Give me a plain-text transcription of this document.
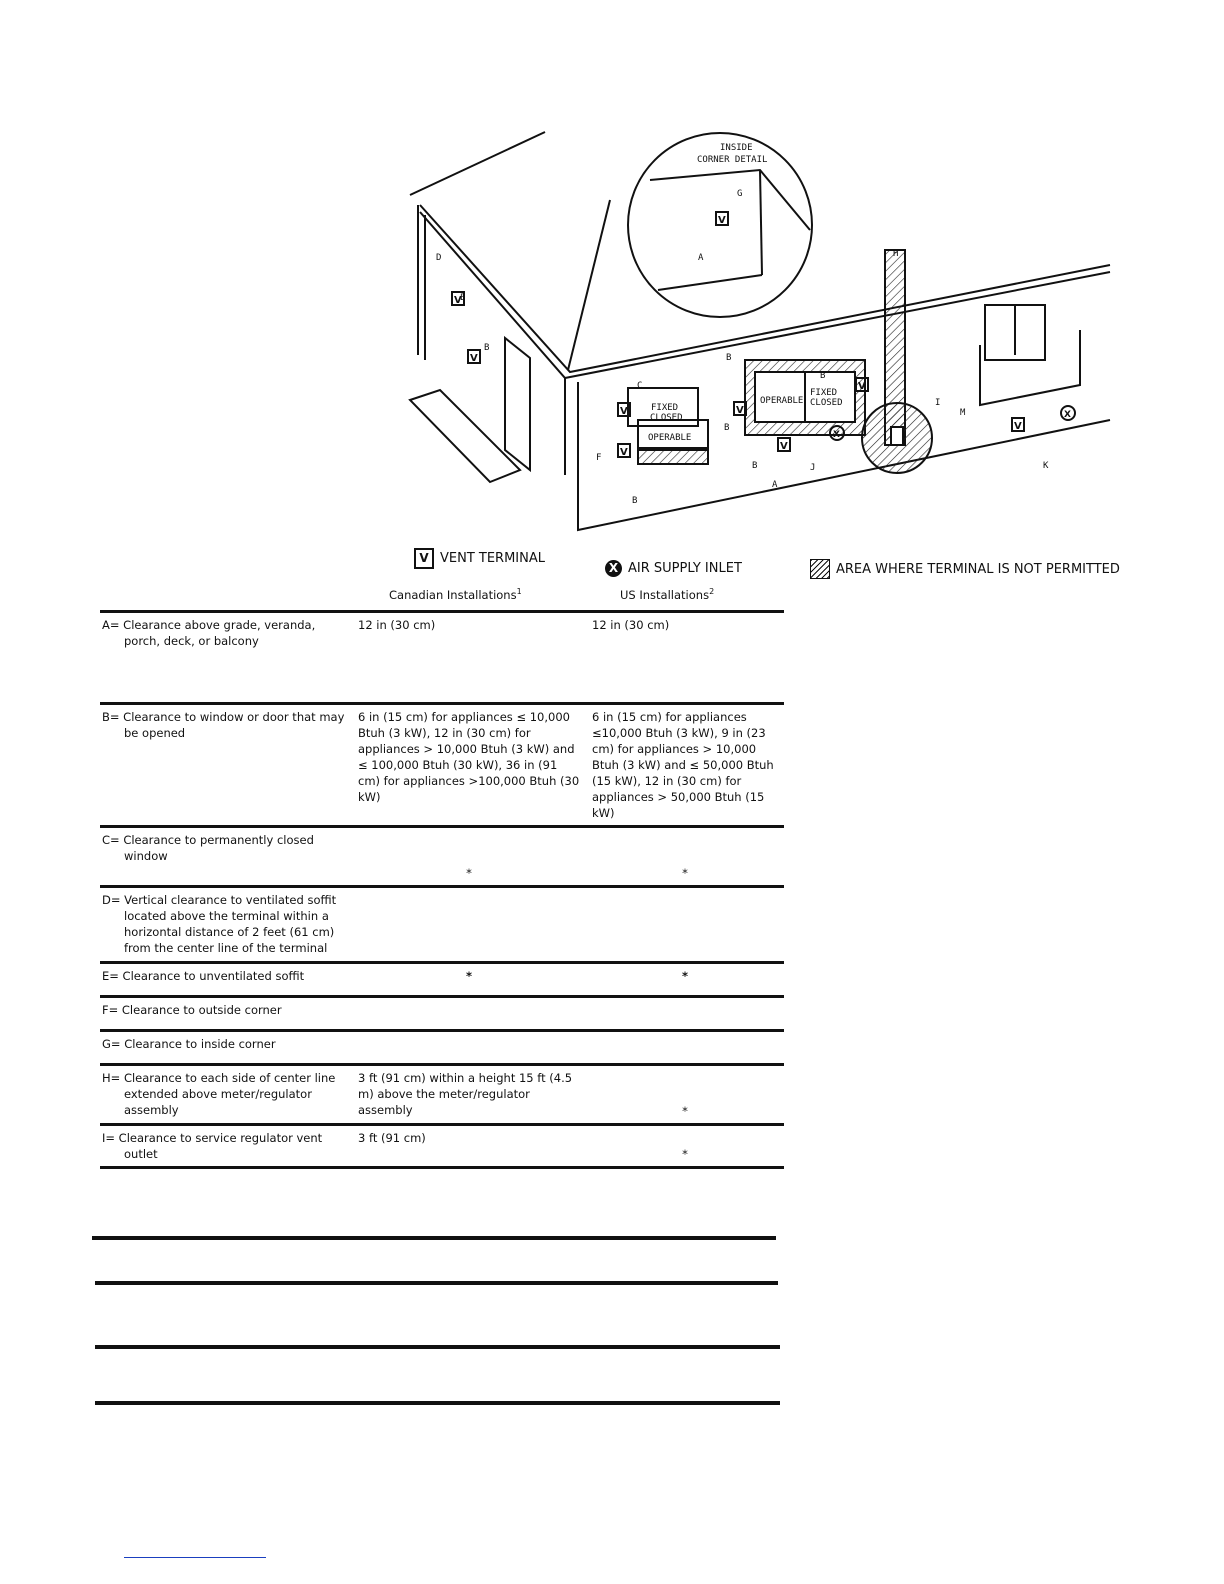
INSIDE
CORNER DETAIL
FIXED
CLOSED
OPERABLE
OPERABLE
FIXED
CLOSED
D
E
B
A
G
C
F
B
B
B
B
B
A
J
H
I
M
K
V
V
V
V
V
V
V
V
V
X
X
V VENT TERMINAL
X AIR SUPPLY INLET	AREA WHERE TERMINAL IS NOT PERMITTED
Canadian Installations$^1$	US Installations$^2$
A= Clearance above grade, veranda, porch, deck, or balcony	12 in (30 cm)	12 in (30 cm)
B= Clearance to window or door that may be opened	6 in (15 cm) for appliances ≤ 10,000 Btuh (3 kW), 12 in (30 cm) for appliances > 10,000 Btuh (3 kW) and ≤ 100,000 Btuh (30 kW), 36 in (91 cm) for appliances >100,000 Btuh (30 kW)	6 in (15 cm) for appliances ≤10,000 Btuh (3 kW), 9 in (23 cm) for appliances > 10,000 Btuh (3 kW) and ≤ 50,000 Btuh (15 kW), 12 in (30 cm) for appliances > 50,000 Btuh (15 kW)
C= Clearance to permanently closed window	*	*
D= Vertical clearance to ventilated soffit located above the terminal within a horizontal distance of 2 feet (61 cm) from the center line of the terminal		
E= Clearance to unventilated soffit	*	*
F= Clearance to outside corner		
G= Clearance to inside corner		
H= Clearance to each side of center line extended above meter/regulator assembly	3 ft (91 cm) within a height 15 ft (4.5 m) above the meter/regulator assembly	*
I= Clearance to service regulator vent outlet	3 ft (91 cm)	*
